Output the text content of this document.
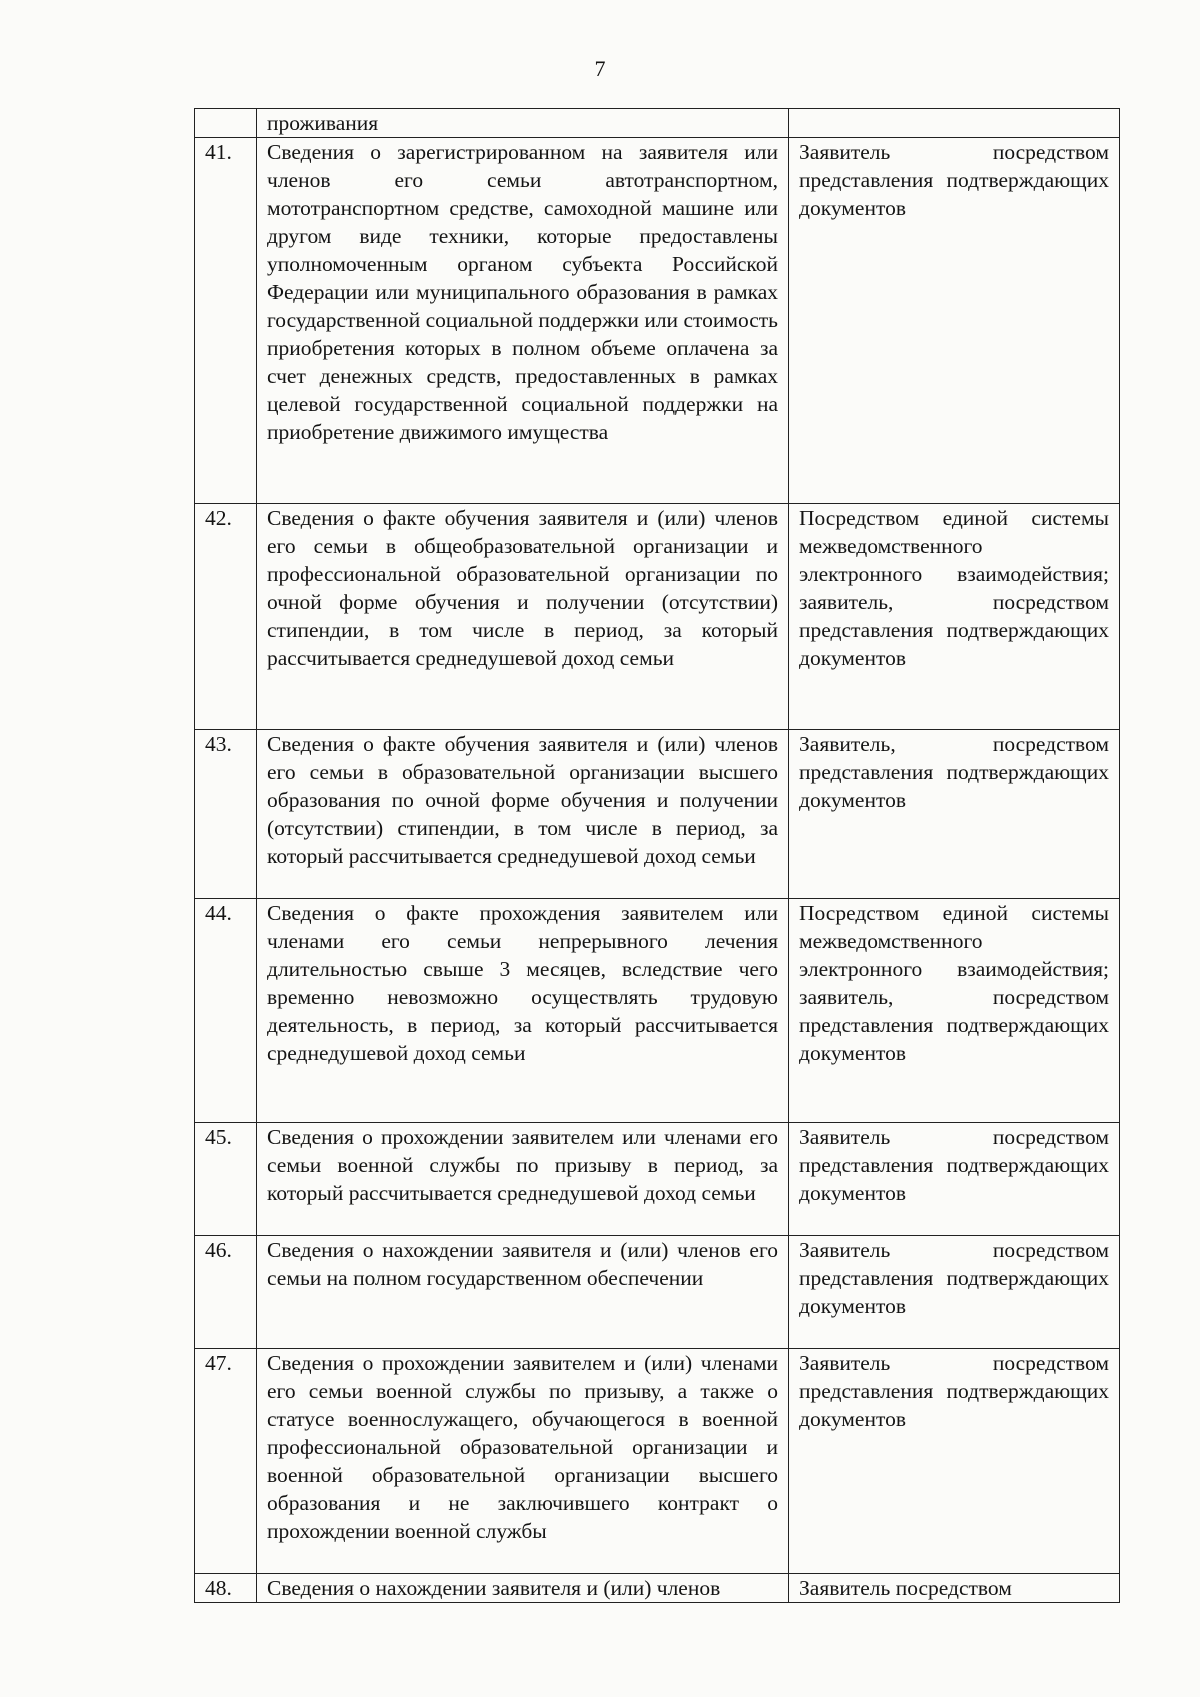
7
	проживания	
41.	Сведения о зарегистрированном на заявителя или членов его семьи автотранспортном, мототранспортном средстве, самоходной машине или другом виде техники, которые предоставлены уполномоченным органом субъекта Российской Федерации или муниципального образования в рамках государственной социальной поддержки или стоимость приобретения которых в полном объеме оплачена за счет денежных средств, предоставленных в рамках целевой государственной социальной поддержки на приобретение движимого имущества	Заявитель посредством представления подтверждающих документов
42.	Сведения о факте обучения заявителя и (или) членов его семьи в общеобразовательной организации и профессиональной образовательной организации по очной форме обучения и получении (отсутствии) стипендии, в том числе в период, за который рассчитывается среднедушевой доход семьи	Посредством единой системы межведомственного электронного взаимодействия; заявитель, посредством представления подтверждающих документов
43.	Сведения о факте обучения заявителя и (или) членов его семьи в образовательной организации высшего образования по очной форме обучения и получении (отсутствии) стипендии, в том числе в период, за который рассчитывается среднедушевой доход семьи	Заявитель, посредством представления подтверждающих документов
44.	Сведения о факте прохождения заявителем или членами его семьи непрерывного лечения длительностью свыше 3 месяцев, вследствие чего временно невозможно осуществлять трудовую деятельность, в период, за который рассчитывается среднедушевой доход семьи	Посредством единой системы межведомственного электронного взаимодействия; заявитель, посредством представления подтверждающих документов
45.	Сведения о прохождении заявителем или членами его семьи военной службы по призыву в период, за который рассчитывается среднедушевой доход семьи	Заявитель посредством представления подтверждающих документов
46.	Сведения о нахождении заявителя и (или) членов его семьи на полном государственном обеспечении	Заявитель посредством представления подтверждающих документов
47.	Сведения о прохождении заявителем и (или) членами его семьи военной службы по призыву, а также о статусе военнослужащего, обучающегося в военной профессиональной образовательной организации и военной образовательной организации высшего образования и не заключившего контракт о прохождении военной службы	Заявитель посредством представления подтверждающих документов
48.	Сведения о нахождении заявителя и (или) членов	Заявитель посредством
